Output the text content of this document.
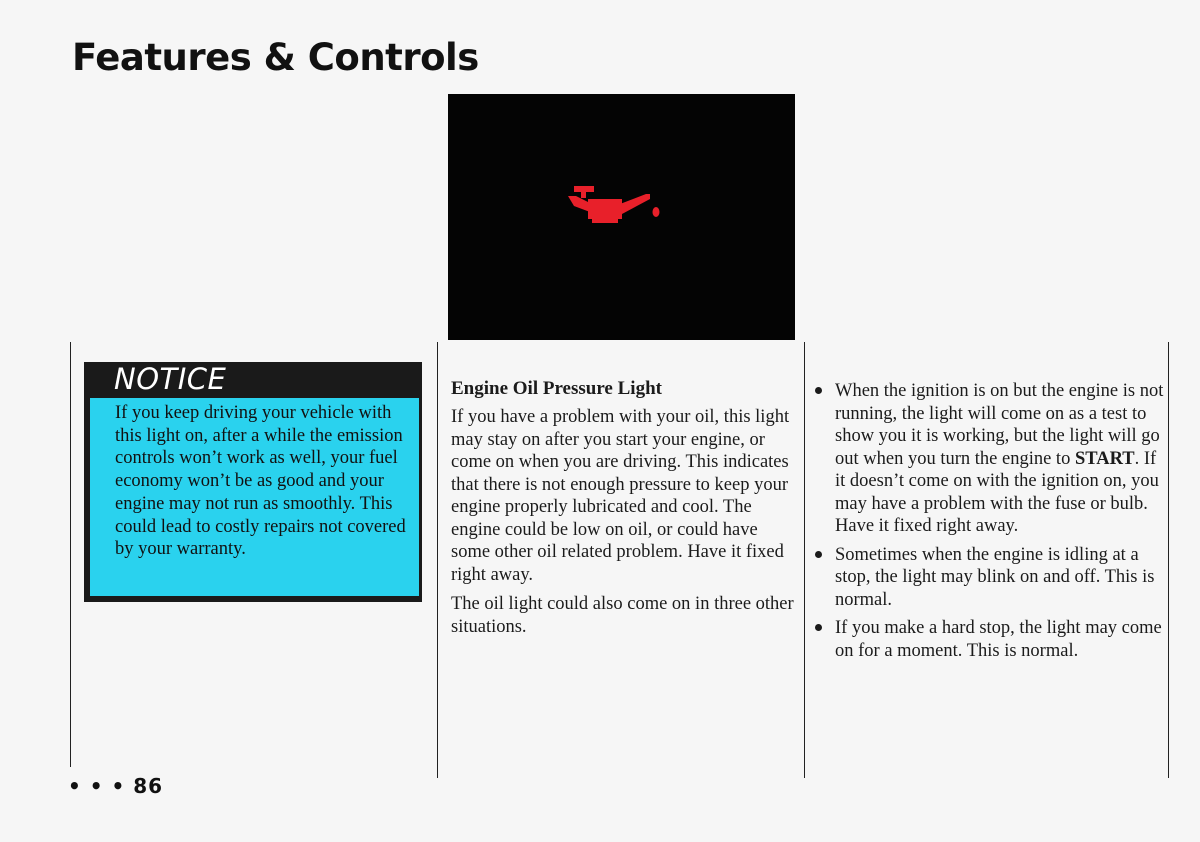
Features & Controls
NOTICE
If you keep driving your vehicle with this light on, after a while the emission controls won’t work as well, your fuel economy won’t be as good and your engine may not run as smoothly. This could lead to costly repairs not covered by your warranty.
Engine Oil Pressure Light

If you have a problem with your oil, this light may stay on after you start your engine, or come on when you are driving. This indicates that there is not enough pressure to keep your engine properly lubricated and cool. The engine could be low on oil, or could have some other oil related problem. Have it fixed right away.

The oil light could also come on in three other situations.

When the ignition is on but the engine is not running, the light will come on as a test to show you it is working, but the light will go out when you turn the engine to START. If it doesn’t come on with the ignition on, you may have a problem with the fuse or bulb. Have it fixed right away.
Sometimes when the engine is idling at a stop, the light may blink on and off. This is normal.
If you make a hard stop, the light may come on for a moment. This is normal.
• • • 86
